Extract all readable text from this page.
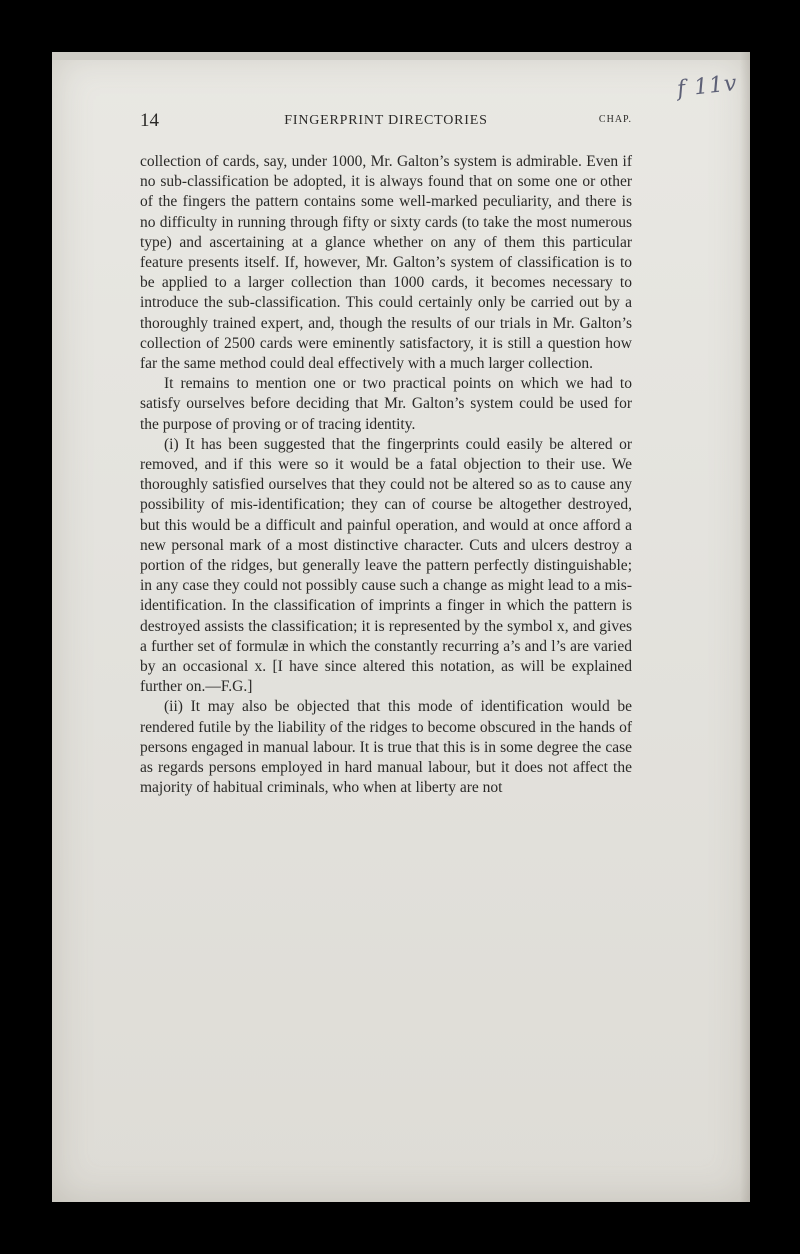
f 11v
14	FINGERPRINT DIRECTORIES	CHAP.

collection of cards, say, under 1000, Mr. Galton’s system is admirable. Even if no sub-classification be adopted, it is always found that on some one or other of the fingers the pattern contains some well-marked peculiarity, and there is no difficulty in running through fifty or sixty cards (to take the most numerous type) and ascertaining at a glance whether on any of them this particular feature presents itself. If, however, Mr. Galton’s system of classification is to be applied to a larger collection than 1000 cards, it becomes necessary to introduce the sub-classification. This could certainly only be carried out by a thoroughly trained expert, and, though the results of our trials in Mr. Galton’s collection of 2500 cards were eminently satisfactory, it is still a question how far the same method could deal effectively with a much larger collection.

It remains to mention one or two practical points on which we had to satisfy ourselves before deciding that Mr. Galton’s system could be used for the purpose of proving or of tracing identity.

(i) It has been suggested that the fingerprints could easily be altered or removed, and if this were so it would be a fatal objection to their use. We thoroughly satisfied ourselves that they could not be altered so as to cause any possibility of mis-identification; they can of course be altogether destroyed, but this would be a difficult and painful operation, and would at once afford a new personal mark of a most distinctive character. Cuts and ulcers destroy a portion of the ridges, but generally leave the pattern perfectly distinguishable; in any case they could not possibly cause such a change as might lead to a mis-identification. In the classification of imprints a finger in which the pattern is destroyed assists the classification; it is represented by the symbol x, and gives a further set of formulæ in which the constantly recurring a’s and l’s are varied by an occasional x. [I have since altered this notation, as will be explained further on.—F.G.]

(ii) It may also be objected that this mode of identification would be rendered futile by the liability of the ridges to become obscured in the hands of persons engaged in manual labour. It is true that this is in some degree the case as regards persons employed in hard manual labour, but it does not affect the majority of habitual criminals, who when at liberty are not
